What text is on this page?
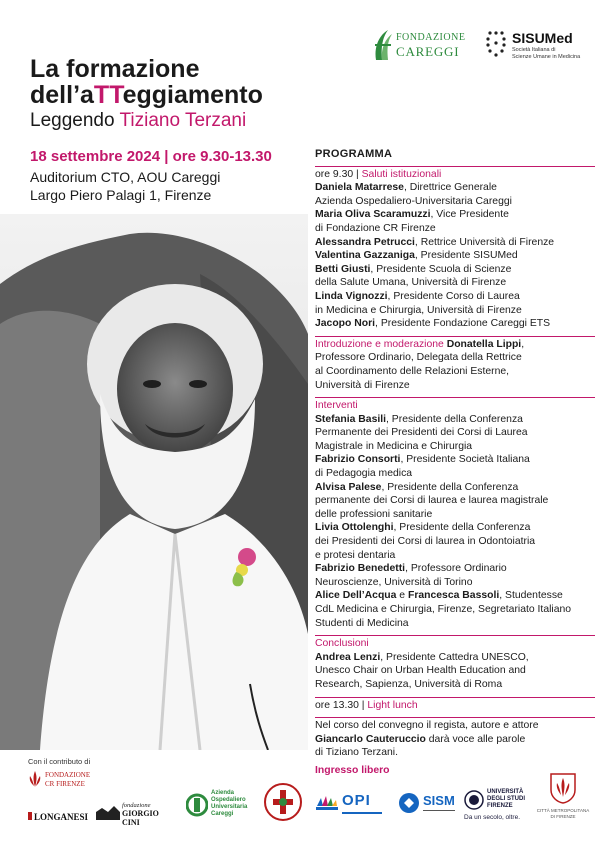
FONDAZIONE
CAREGGI
SISUMed
Società Italiana di
Scienze Umane in Medicina
La formazione
dell’aTTeggiamento
Leggendo Tiziano Terzani
18 settembre 2024 | ore 9.30-13.30
Auditorium CTO, AOU Careggi
Largo Piero Palagi 1, Firenze
PROGRAMMA
ore 9.30 | Saluti istituzionali
Daniela Matarrese, Direttrice Generale
Azienda Ospedaliero-Universitaria Careggi
Maria Oliva Scaramuzzi, Vice Presidente
di Fondazione CR Firenze
Alessandra Petrucci, Rettrice Università di Firenze
Valentina Gazzaniga, Presidente SISUMed
Betti Giusti, Presidente Scuola di Scienze
della Salute Umana, Università di Firenze
Linda Vignozzi, Presidente Corso di Laurea
in Medicina e Chirurgia, Università di Firenze
Jacopo Nori, Presidente Fondazione Careggi ETS
Introduzione e moderazione Donatella Lippi,
Professore Ordinario, Delegata della Rettrice
al Coordinamento delle Relazioni Esterne,
Università di Firenze
Interventi
Stefania Basili, Presidente della Conferenza
Permanente dei Presidenti dei Corsi di Laurea
Magistrale in Medicina e Chirurgia
Fabrizio Consorti, Presidente Società Italiana
di Pedagogia medica
Alvisa Palese, Presidente della Conferenza
permanente dei Corsi di laurea e laurea magistrale
delle professioni sanitarie
Livia Ottolenghi, Presidente della Conferenza
dei Presidenti dei Corsi di laurea in Odontoiatria
e protesi dentaria
Fabrizio Benedetti, Professore Ordinario
Neuroscienze, Università di Torino
Alice Dell’Acqua e Francesca Bassoli, Studentesse
CdL Medicina e Chirurgia, Firenze, Segretariato Italiano
Studenti di Medicina
Conclusioni
Andrea Lenzi, Presidente Cattedra UNESCO,
Unesco Chair on Urban Health Education and
Research, Sapienza, Università di Roma
ore 13.30 | Light lunch
Nel corso del convegno il regista, autore e attore
Giancarlo Cauteruccio darà voce alle parole
di Tiziano Terzani.
Ingresso libero
Con il contributo di
FONDAZIONE
CR FIRENZE
LONGANESI
fondazione
GIORGIO CINI
Azienda
Ospedaliero
Universitaria
Careggi
OPI	SISM
UNIVERSITÀ
DEGLI STUDI
FIRENZE
Da un secolo, oltre.
CITTÀ METROPOLITANA
DI FIRENZE
